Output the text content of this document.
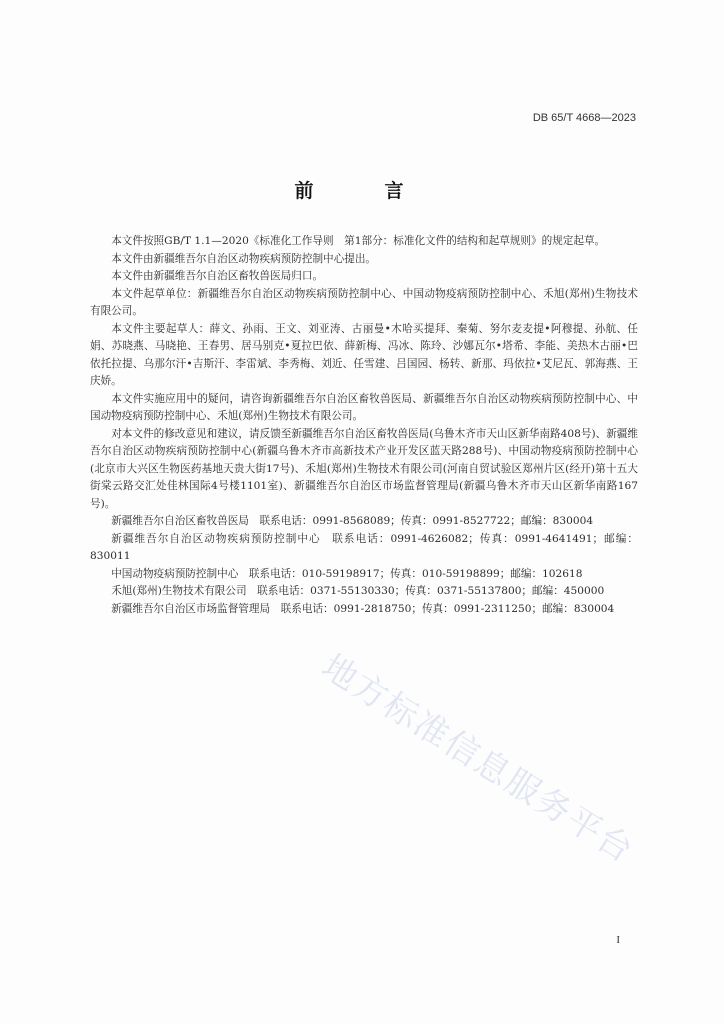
DB 65/T 4668—2023
前　言

本文件按照GB/T 1.1—2020《标准化工作导则　第1部分：标准化文件的结构和起草规则》的规定起草。

本文件由新疆维吾尔自治区动物疾病预防控制中心提出。

本文件由新疆维吾尔自治区畜牧兽医局归口。

本文件起草单位：新疆维吾尔自治区动物疾病预防控制中心、中国动物疫病预防控制中心、禾旭(郑州)生物技术有限公司。

本文件主要起草人：薛文、孙雨、王文、刘亚涛、古丽曼•木哈买提拜、秦菊、努尔麦麦提•阿穆提、孙航、任娟、苏晓燕、马晓艳、王春男、居马别克•夏拉巴依、薛新梅、冯冰、陈玲、沙娜瓦尔•塔希、李能、美热木古丽•巴依托拉提、乌那尔汗•吉斯汗、李雷斌、李秀梅、刘近、任雪建、吕国园、杨转、新那、玛依拉•艾尼瓦、郭海燕、王庆娇。

本文件实施应用中的疑问，请咨询新疆维吾尔自治区畜牧兽医局、新疆维吾尔自治区动物疾病预防控制中心、中国动物疫病预防控制中心、禾旭(郑州)生物技术有限公司。

对本文件的修改意见和建议，请反馈至新疆维吾尔自治区畜牧兽医局(乌鲁木齐市天山区新华南路408号)、新疆维吾尔自治区动物疾病预防控制中心(新疆乌鲁木齐市高新技术产业开发区蓝天路288号)、中国动物疫病预防控制中心(北京市大兴区生物医药基地天贵大街17号)、禾旭(郑州)生物技术有限公司(河南自贸试验区郑州片区(经开)第十五大街棠云路交汇处佳林国际4号楼1101室)、新疆维吾尔自治区市场监督管理局(新疆乌鲁木齐市天山区新华南路167号)。

新疆维吾尔自治区畜牧兽医局　联系电话：0991-8568089；传真：0991-8527722；邮编：830004

新疆维吾尔自治区动物疾病预防控制中心　联系电话：0991-4626082；传真：0991-4641491；邮编：830011

中国动物疫病预防控制中心　联系电话：010-59198917；传真：010-59198899；邮编：102618

禾旭(郑州)生物技术有限公司　联系电话：0371-55130330；传真：0371-55137800；邮编：450000

新疆维吾尔自治区市场监督管理局　联系电话：0991-2818750；传真：0991-2311250；邮编：830004

地方标准信息服务平台
I
